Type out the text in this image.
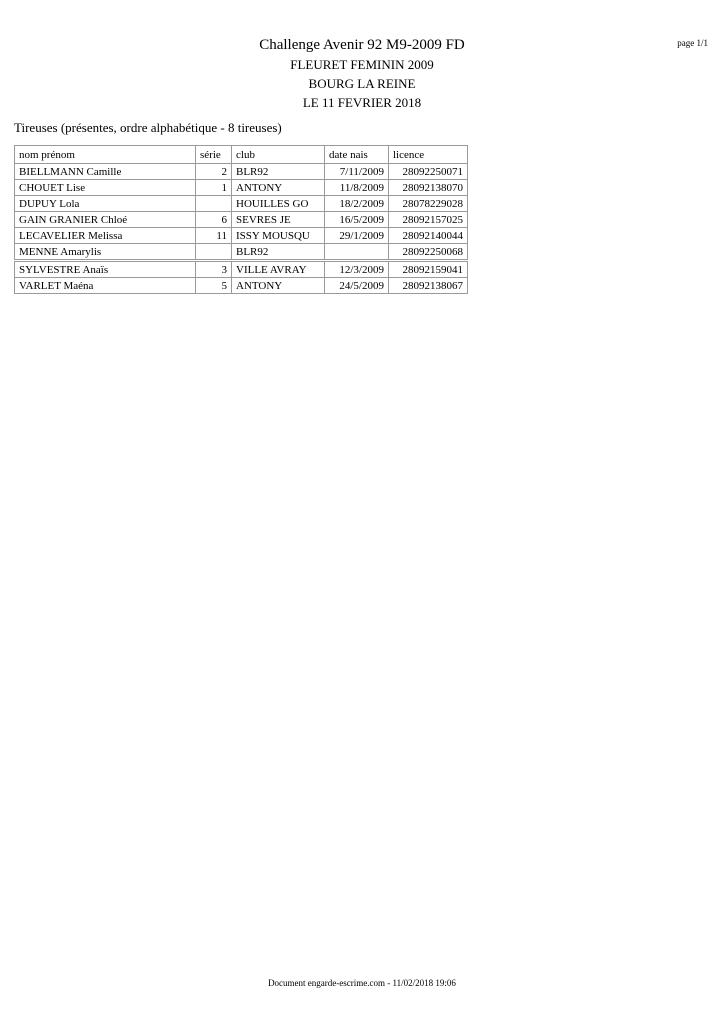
page 1/1
Challenge Avenir 92 M9-2009 FD
FLEURET FEMININ 2009
BOURG LA REINE
LE 11 FEVRIER 2018
Tireuses (présentes, ordre alphabétique - 8 tireuses)
nom prénom	série	club	date nais	licence
BIELLMANN Camille	2	BLR92	7/11/2009	28092250071
CHOUET Lise	1	ANTONY	11/8/2009	28092138070
DUPUY Lola		HOUILLES GO	18/2/2009	28078229028
GAIN GRANIER Chloé	6	SEVRES JE	16/5/2009	28092157025
LECAVELIER Melissa	11	ISSY MOUSQU	29/1/2009	28092140044
MENNE Amarylis		BLR92		28092250068
SYLVESTRE Anaïs	3	VILLE AVRAY	12/3/2009	28092159041
VARLET Maéna	5	ANTONY	24/5/2009	28092138067
Document engarde-escrime.com - 11/02/2018 19:06
